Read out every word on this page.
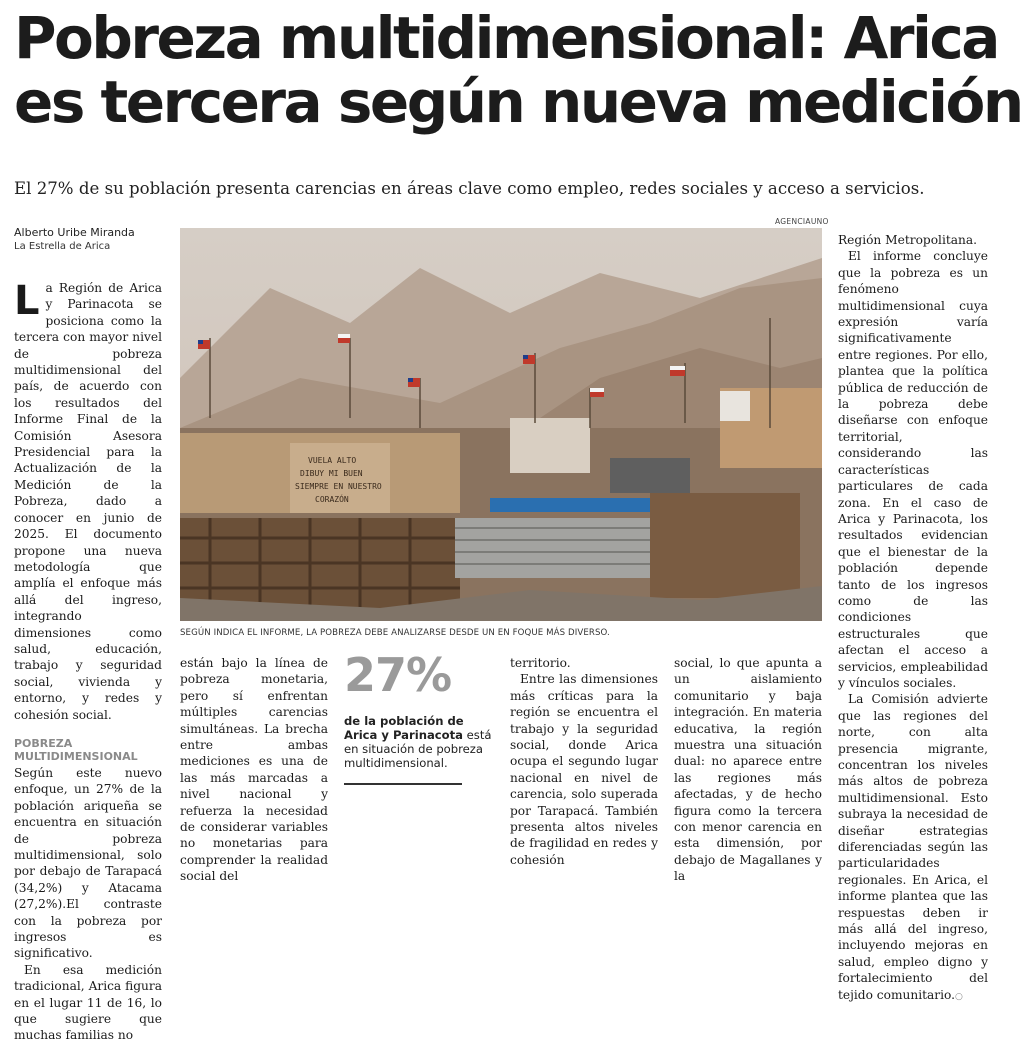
Pobreza multidimensional: Arica
es tercera según nueva medición

El 27% de su población presenta carencias en áreas clave como empleo, redes sociales y acceso a servicios.

Alberto Uribe Miranda
La Estrella de Arica
AGENCIAUNO

La Región de Arica y Parinacota se posiciona como la tercera con mayor nivel de pobreza multidimensional del país, de acuerdo con los resultados del Informe Final de la Comisión Asesora Presidencial para la Actualización de la Medición de la Pobreza, dado a conocer en junio de 2025. El documento propone una nueva metodología que amplía el enfoque más allá del ingreso, integrando dimensiones como salud, educación, trabajo y seguridad social, vivienda y entorno, y redes y cohesión social.

POBREZA MULTIDIMENSIONAL

Según este nuevo enfoque, un 27% de la población ariqueña se encuentra en situación de pobreza multidimensional, solo por debajo de Tarapacá (34,2%) y Atacama (27,2%).El contraste con la pobreza por ingresos es significativo.

En esa medición tradicional, Arica figura en el lugar 11 de 16, lo que sugiere que muchas familias no

VUELA ALTO
DIBUY MI BUEN
SIEMPRE EN NUESTRO
CORAZÓN
SEGÚN INDICA EL INFORME, LA POBREZA DEBE ANALIZARSE DESDE UN EN FOQUE MÁS DIVERSO.

están bajo la línea de pobreza monetaria, pero sí enfrentan múltiples carencias simultáneas. La brecha entre ambas mediciones es una de las más marcadas a nivel nacional y refuerza la necesidad de considerar variables no monetarias para comprender la realidad social del

27%
de la población de Arica y Parinacota está en situación de pobreza multidimensional.

territorio.

Entre las dimensiones más críticas para la región se encuentra el trabajo y la seguridad social, donde Arica ocupa el segundo lugar nacional en nivel de carencia, solo superada por Tarapacá. También presenta altos niveles de fragilidad en redes y cohesión

social, lo que apunta a un aislamiento comunitario y baja integración. En materia educativa, la región muestra una situación dual: no aparece entre las regiones más afectadas, y de hecho figura como la tercera con menor carencia en esta dimensión, por debajo de Magallanes y la

Región Metropolitana.

El informe concluye que la pobreza es un fenómeno multidimensional cuya expresión varía significativamente entre regiones. Por ello, plantea que la política pública de reducción de la pobreza debe diseñarse con enfoque territorial, considerando las características particulares de cada zona. En el caso de Arica y Parinacota, los resultados evidencian que el bienestar de la población depende tanto de los ingresos como de las condiciones estructurales que afectan el acceso a servicios, empleabilidad y vínculos sociales.

La Comisión advierte que las regiones del norte, con alta presencia migrante, concentran los niveles más altos de pobreza multidimensional. Esto subraya la necesidad de diseñar estrategias diferenciadas según las particularidades regionales. En Arica, el informe plantea que las respuestas deben ir más allá del ingreso, incluyendo mejoras en salud, empleo digno y fortalecimiento del tejido comunitario.○
